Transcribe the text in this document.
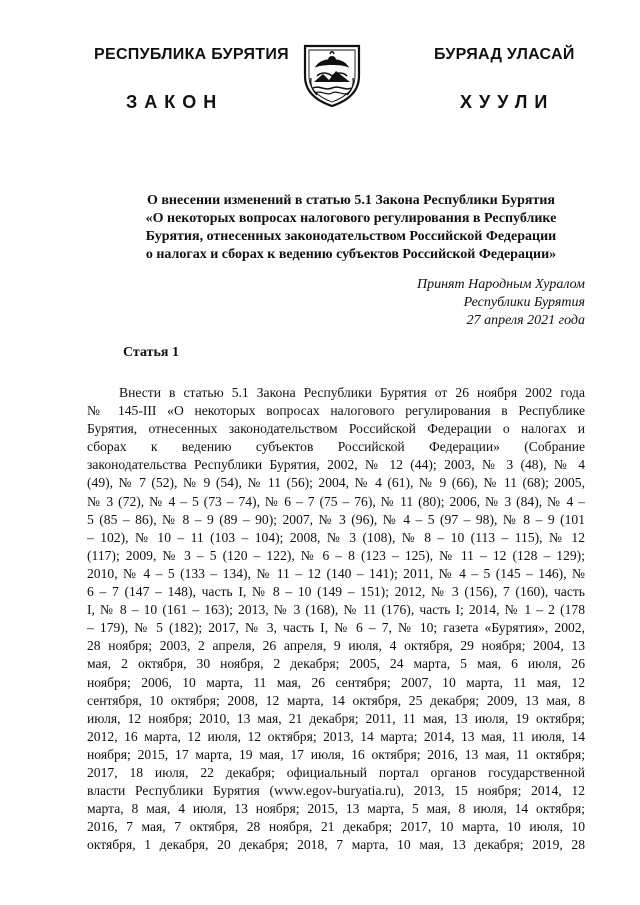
РЕСПУБЛИКА БУРЯТИЯ	БУРЯАД УЛАСАЙ
ЗАКОН	ХУУЛИ
О внесении изменений в статью 5.1 Закона Республики Бурятия
«О некоторых вопросах налогового регулирования в Республике
Бурятия, отнесенных законодательством Российской Федерации
о налогах и сборах к ведению субъектов Российской Федерации»
Принят Народным Хуралом
Республики Бурятия
27 апреля 2021 года
Статья 1
Внести в статью 5.1 Закона Республики Бурятия от 26 ноября 2002 года
№ 145-III «О некоторых вопросах налогового регулирования в Республике
Бурятия, отнесенных законодательством Российской Федерации о налогах и
сборах к ведению субъектов Российской Федерации» (Собрание
законодательства Республики Бурятия, 2002, № 12 (44); 2003, № 3 (48), № 4
(49), № 7 (52), № 9 (54), № 11 (56); 2004, № 4 (61), № 9 (66), № 11 (68); 2005,
№ 3 (72), № 4 – 5 (73 – 74), № 6 – 7 (75 – 76), № 11 (80); 2006, № 3 (84), № 4 –
5 (85 – 86), № 8 – 9 (89 – 90); 2007, № 3 (96), № 4 – 5 (97 – 98), № 8 – 9 (101
– 102), № 10 – 11 (103 – 104); 2008, № 3 (108), № 8 – 10 (113 – 115), № 12
(117); 2009, № 3 – 5 (120 – 122), № 6 – 8 (123 – 125), № 11 – 12 (128 – 129);
2010, № 4 – 5 (133 – 134), № 11 – 12 (140 – 141); 2011, № 4 – 5 (145 – 146), №
6 – 7 (147 – 148), часть I, № 8 – 10 (149 – 151); 2012, № 3 (156), 7 (160), часть
I, № 8 – 10 (161 – 163); 2013, № 3 (168), № 11 (176), часть I; 2014, № 1 – 2 (178
– 179), № 5 (182); 2017, № 3, часть I, № 6 – 7, № 10; газета «Бурятия», 2002,
28 ноября; 2003, 2 апреля, 26 апреля, 9 июля, 4 октября, 29 ноября; 2004, 13
мая, 2 октября, 30 ноября, 2 декабря; 2005, 24 марта, 5 мая, 6 июля, 26
ноября; 2006, 10 марта, 11 мая, 26 сентября; 2007, 10 марта, 11 мая, 12
сентября, 10 октября; 2008, 12 марта, 14 октября, 25 декабря; 2009, 13 мая, 8
июля, 12 ноября; 2010, 13 мая, 21 декабря; 2011, 11 мая, 13 июля, 19 октября;
2012, 16 марта, 12 июля, 12 октября; 2013, 14 марта; 2014, 13 мая, 11 июля, 14
ноября; 2015, 17 марта, 19 мая, 17 июля, 16 октября; 2016, 13 мая, 11 октября;
2017, 18 июля, 22 декабря; официальный портал органов государственной
власти Республики Бурятия (www.egov-buryatia.ru), 2013, 15 ноября; 2014, 12
марта, 8 мая, 4 июля, 13 ноября; 2015, 13 марта, 5 мая, 8 июля, 14 октября;
2016, 7 мая, 7 октября, 28 ноября, 21 декабря; 2017, 10 марта, 10 июля, 10
октября, 1 декабря, 20 декабря; 2018, 7 марта, 10 мая, 13 декабря; 2019, 28
